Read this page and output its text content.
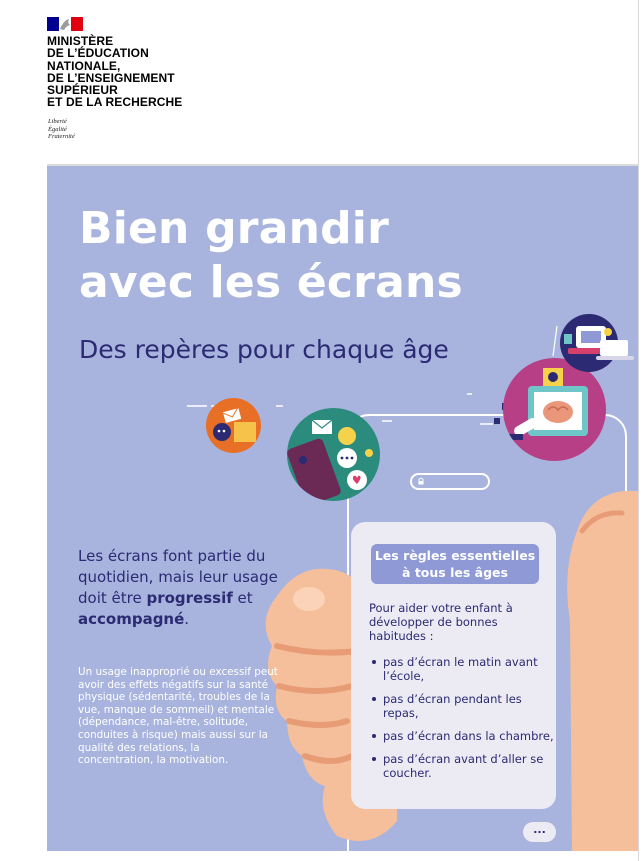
MINISTÈRE
DE L’ÉDUCATION
NATIONALE,
DE L’ENSEIGNEMENT
SUPÉRIEUR
ET DE LA RECHERCHE
Liberté
Égalité
Fraternité
Bien grandir
avec les écrans
Des repères pour chaque âge
Les règles essentielles
à tous les âges
Pour aider votre enfant à développer de bonnes habitudes :
pas d’écran le matin avant l’école,
pas d’écran pendant les repas,
pas d’écran dans la chambre,
pas d’écran avant d’aller se coucher.
...
Les écrans font partie du quotidien, mais leur usage doit être progressif et accompagné.
Un usage inapproprié ou excessif peut avoir des effets négatifs sur la santé physique (sédentarité, troubles de la vue, manque de sommeil) et mentale (dépendance, mal-être, solitude, conduites à risque) mais aussi sur la qualité des relations, la concentration, la motivation.
